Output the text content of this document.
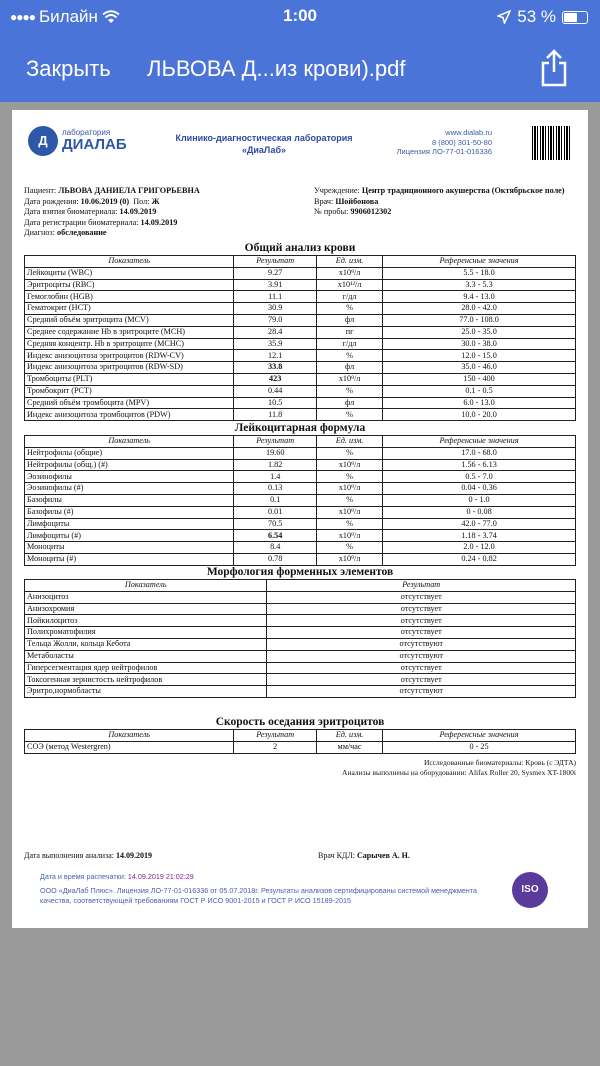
●●●● Билайн	1:00	53 %
Закрыть ЛЬВОВА Д...из крови).pdf
Д
лаборатория
ДИАЛАБ	Клинико-диагностическая лаборатория
«ДиаЛаб»
www.dialab.ru
8 (800) 301-50-80
Лицензия ЛО-77-01-016336
Пациент: ЛЬВОВА ДАНИЕЛА ГРИГОРЬЕВНА
Дата рождения: 10.06.2019 (0) Пол: Ж
Дата взятия биоматериала: 14.09.2019
Дата регистрации биоматериала: 14.09.2019
Диагноз: обследование
Учреждение: Центр традиционного акушерства (Октябрьское поле)
Врач: Шойбонова
№ пробы: 9906012302
Общий анализ крови
Показатель	Результат	Ед. изм.	Референсные значения
Лейкоциты (WBC)	9.27	x10⁹/л	5.5 - 18.0
Эритроциты (RBC)	3.91	x10¹²/л	3.3 - 5.3
Гемоглобин (HGB)	11.1	г/дл	9.4 - 13.0
Гематокрит (HCT)	30.9	%	28.0 - 42.0
Средний объём эритроцита (MCV)	79.0	фл	77.0 - 108.0
Среднее содержание Hb в эритроците (MCH)	28.4	пг	25.0 - 35.0
Средняя концентр. Hb в эритроците (MCHC)	35.9	г/дл	30.0 - 38.0
Индекс анизоцитоза эритроцитов (RDW-CV)	12.1	%	12.0 - 15.0
Индекс анизоцитоза эритроцитов (RDW-SD)	33.8	фл	35.0 - 46.0
Тромбоциты (PLT)	423	x10⁹/л	150 - 400
Тромбокрит (PCT)	0.44	%	0.1 - 0.5
Средний объём тромбоцита (MPV)	10.5	фл	6.0 - 13.0
Индекс анизоцитоза тромбоцитов (PDW)	11.8	%	10.0 - 20.0
Лейкоцитарная формула
Показатель	Результат	Ед. изм.	Референсные значения
Нейтрофилы (общие)	19.60	%	17.0 - 68.0
Нейтрофилы (общ.) (#)	1.82	x10⁹/л	1.56 - 6.13
Эозинофилы	1.4	%	0.5 - 7.0
Эозинофилы (#)	0.13	x10⁹/л	0.04 - 0.36
Базофилы	0.1	%	0 - 1.0
Базофилы (#)	0.01	x10⁹/л	0 - 0.08
Лимфоциты	70.5	%	42.0 - 77.0
Лимфоциты (#)	6.54	x10⁹/л	1.18 - 3.74
Моноциты	8.4	%	2.0 - 12.0
Моноциты (#)	0.78	x10⁹/л	0.24 - 0.82
Морфология форменных элементов
Показатель	Результат
Анизоцитоз	отсутствует
Анизохромия	отсутствует
Пойкилоцитоз	отсутствует
Полихроматофилия	отсутствует
Тельца Жолли, кольца Кебота	отсутствуют
Метаболасты	отсутствуют
Гиперсегментация ядер нейтрофилов	отсутствует
Токсогенная зернистость нейтрофилов	отсутствует
Эритро,нормобласты	отсутствуют
Скорость оседания эритроцитов
Показатель	Результат	Ед. изм.	Референсные значения
СОЭ (метод Westergren)	2	мм/час	0 - 25
Исследованные биоматериалы: Кровь (с ЭДТА)
Анализы выполнены на оборудовании: Alifax Roller 20, Sysmex XT-1800i
Дата выполнения анализа: 14.09.2019	Врач КДЛ: Сарычев А. Н.
Дата и время распечатки: 14.09.2019 21:02:29
ООО «ДиаЛаб Плюс». Лицензия ЛО-77-01-016336 от 05.07.2018г. Результаты анализов сертифицированы системой менеджмента качества, соответствующей требованиям ГОСТ Р ИСО 9001-2015 и ГОСТ Р ИСО 15189-2015
ISO
